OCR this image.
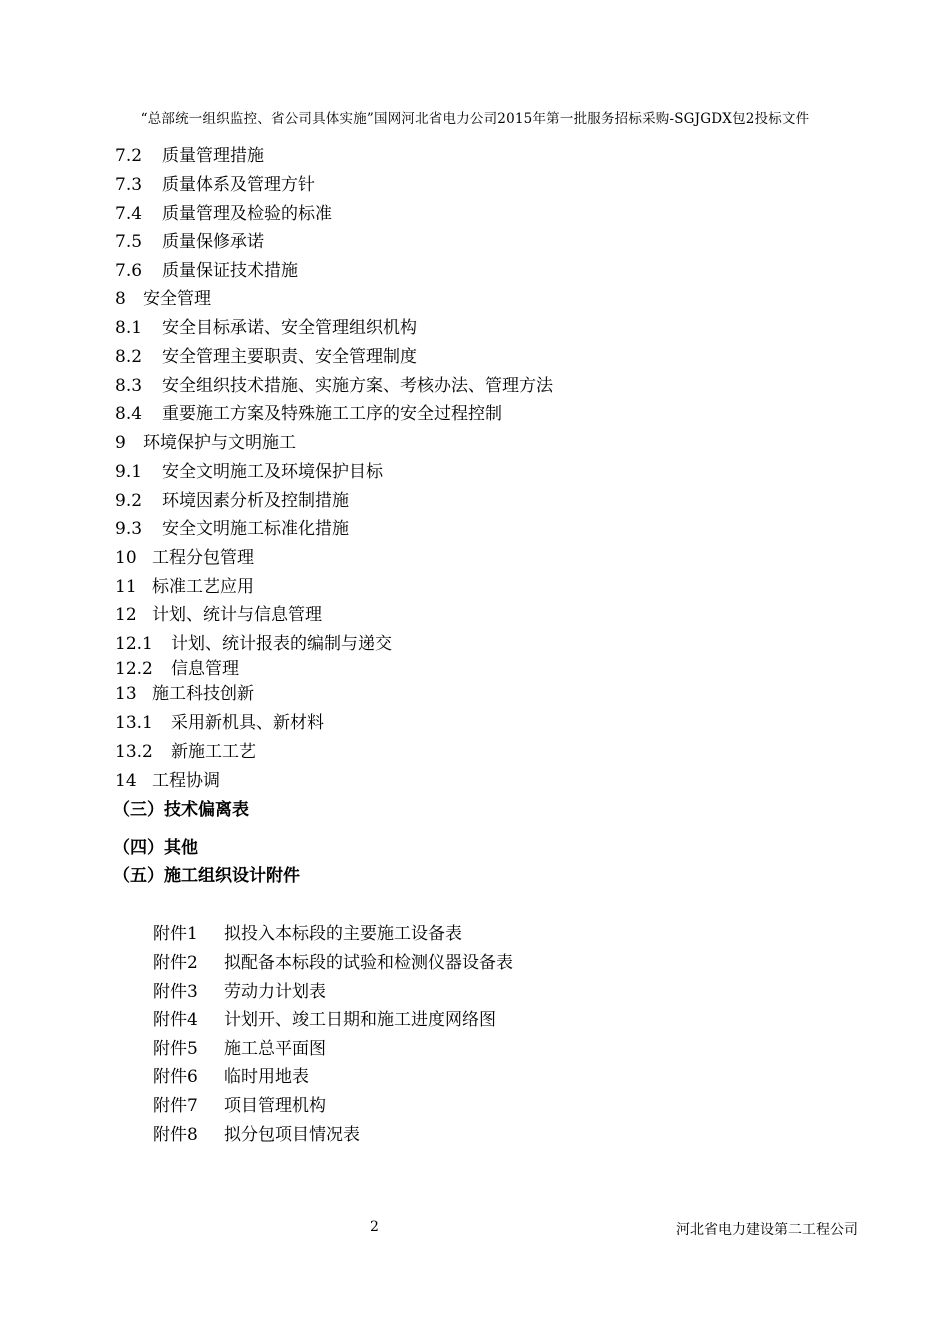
“总部统一组织监控、省公司具体实施”国网河北省电力公司2015年第一批服务招标采购-SGJGDX包2投标文件
7.2 质量管理措施
7.3 质量体系及管理方针
7.4 质量管理及检验的标准
7.5 质量保修承诺
7.6 质量保证技术措施
8 安全管理
8.1 安全目标承诺、安全管理组织机构
8.2 安全管理主要职责、安全管理制度
8.3 安全组织技术措施、实施方案、考核办法、管理方法
8.4 重要施工方案及特殊施工工序的安全过程控制
9 环境保护与文明施工
9.1 安全文明施工及环境保护目标
9.2 环境因素分析及控制措施
9.3 安全文明施工标准化措施
10 工程分包管理
11 标准工艺应用
12 计划、统计与信息管理
12.1 计划、统计报表的编制与递交
12.2 信息管理
13 施工科技创新
13.1 采用新机具、新材料
13.2 新施工工艺
14 工程协调
（三）技术偏离表
（四）其他
（五）施工组织设计附件
附件1 拟投入本标段的主要施工设备表
附件2 拟配备本标段的试验和检测仪器设备表
附件3 劳动力计划表
附件4 计划开、竣工日期和施工进度网络图
附件5 施工总平面图
附件6 临时用地表
附件7 项目管理机构
附件8 拟分包项目情况表
2	河北省电力建设第二工程公司
